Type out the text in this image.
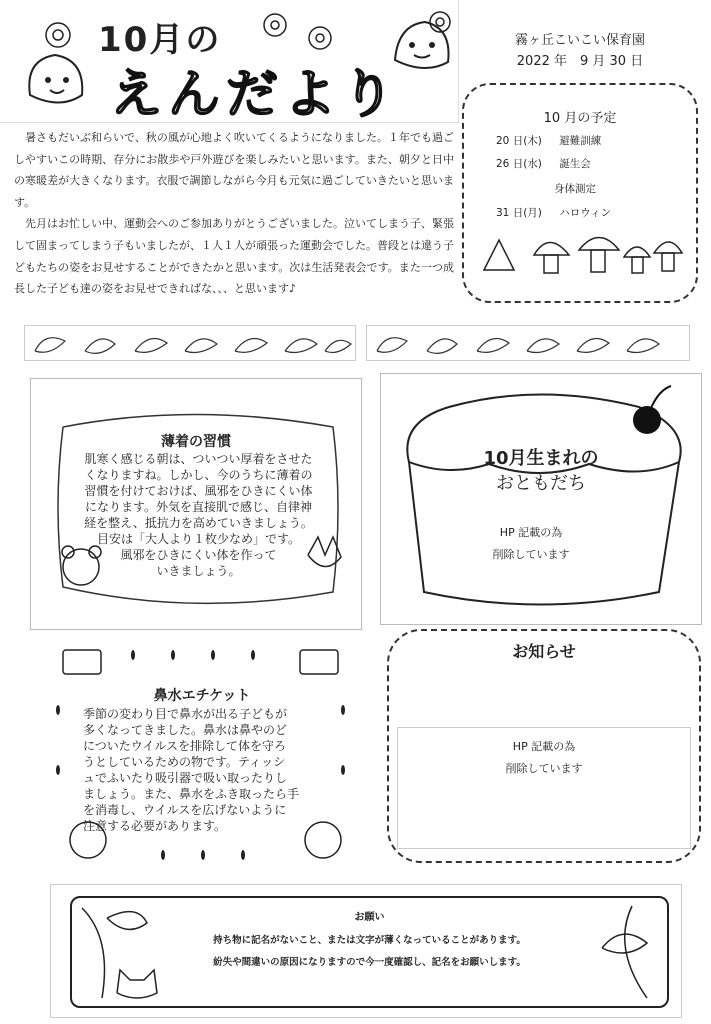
10月の
えんだより
霧ヶ丘こいこい保育園
2022 年　9 月 30 日

暑さもだいぶ和らいで、秋の風が心地よく吹いてくるようになりました。１年でも過ごしやすいこの時期、存分にお散歩や戸外遊びを楽しみたいと思います。また、朝夕と日中の寒暖差が大きくなります。衣服で調節しながら今月も元気に過ごしていきたいと思います。

先月はお忙しい中、運動会へのご参加ありがとうございました。泣いてしまう子、緊張して固まってしまう子もいましたが、１人１人が頑張った運動会でした。普段とは違う子どもたちの姿をお見せすることができたかと思います。次は生活発表会です。また一つ成長した子ども達の姿をお見せできればな、、、と思います♪

10 月の予定
20 日(木) 避難訓練
26 日(水) 誕生会
身体測定
31 日(月) ハロウィン
薄着の習慣
肌寒く感じる朝は、ついつい厚着をさせた
くなりますね。しかし、今のうちに薄着の
習慣を付けておけば、風邪をひきにくい体
になります。外気を直接肌で感じ、自律神
経を整え、抵抗力を高めていきましょう。
目安は「大人より１枚少なめ」です。
風邪をひきにくい体を作って
いきましょう。
10月生まれの
おともだち
HP 記載の為
削除しています
鼻水エチケット
季節の変わり目で鼻水が出る子どもが
多くなってきました。鼻水は鼻やのど
についたウイルスを排除して体を守ろ
うとしているための物です。ティッシ
ュでふいたり吸引器で吸い取ったりし
ましょう。また、鼻水をふき取ったら手
を消毒し、ウイルスを広げないように
注意する必要があります。
お知らせ
HP 記載の為
削除しています
お願い
持ち物に記名がないこと、または文字が薄くなっていることがあります。
紛失や間違いの原因になりますので今一度確認し、記名をお願いします。
